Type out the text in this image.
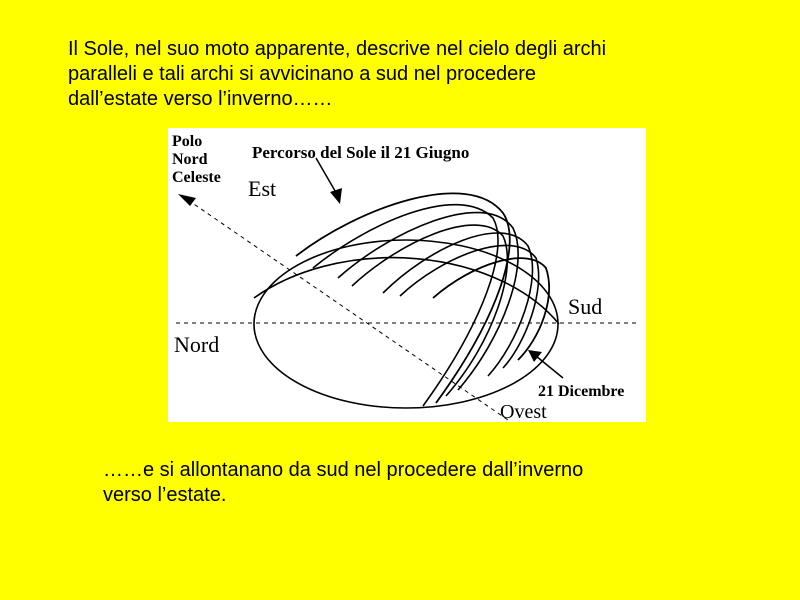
Il Sole, nel suo moto apparente, descrive nel cielo degli archi
paralleli e tali archi si avvicinano a sud nel procedere
dall’estate verso l’inverno……
Polo
Nord
Celeste
Percorso del Sole il 21 Giugno
Est
Sud
Nord
21 Dicembre
Ovest
……e si allontanano da sud nel procedere dall’inverno
verso l’estate.
